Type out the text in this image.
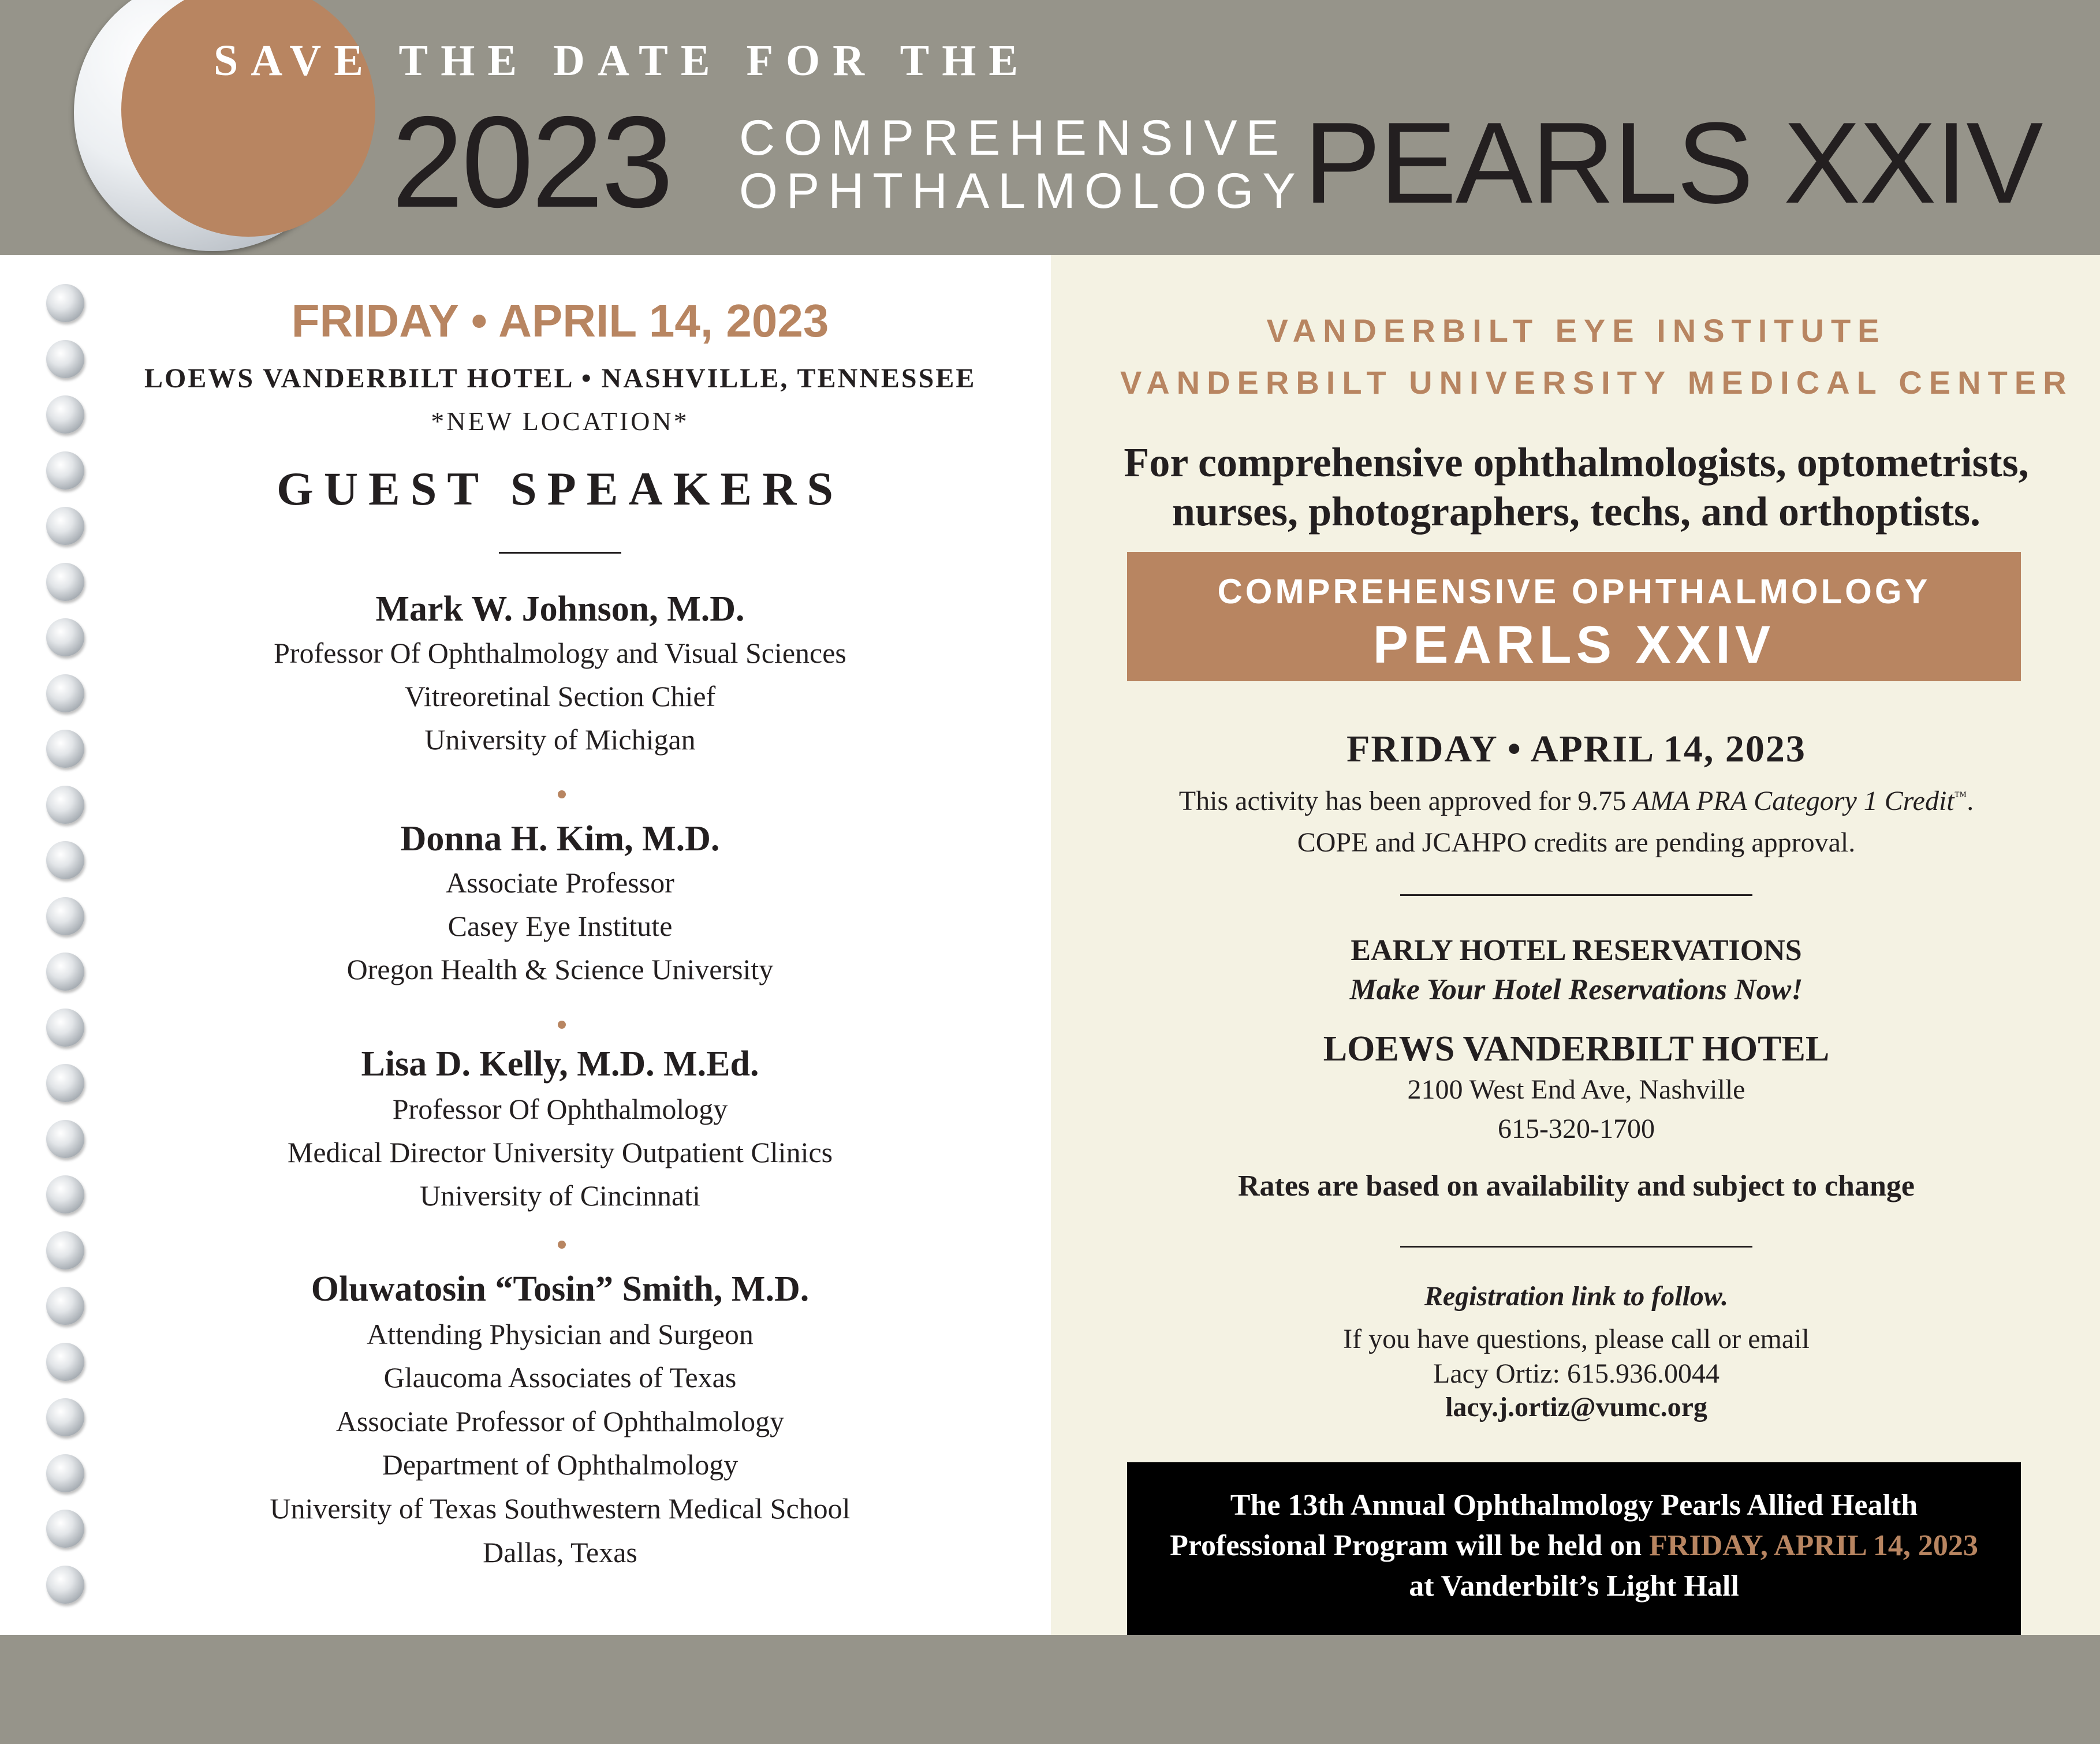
SAVE THE DATE FOR THE
2023 COMPREHENSIVE
OPHTHALMOLOGY PEARLS XXIV
FRIDAY • APRIL 14, 2023
LOEWS VANDERBILT HOTEL • NASHVILLE, TENNESSEE
*NEW LOCATION*
GUEST SPEAKERS
Mark W. Johnson, M.D.
Professor Of Ophthalmology and Visual Sciences
Vitreoretinal Section Chief
University of Michigan
Donna H. Kim, M.D.
Associate Professor
Casey Eye Institute
Oregon Health & Science University
Lisa D. Kelly, M.D. M.Ed.
Professor Of Ophthalmology
Medical Director University Outpatient Clinics
University of Cincinnati
Oluwatosin “Tosin” Smith, M.D.
Attending Physician and Surgeon
Glaucoma Associates of Texas
Associate Professor of Ophthalmology
Department of Ophthalmology
University of Texas Southwestern Medical School
Dallas, Texas
VANDERBILT EYE INSTITUTE
VANDERBILT UNIVERSITY MEDICAL CENTER
For comprehensive ophthalmologists, optometrists,
nurses, photographers, techs, and orthoptists.
COMPREHENSIVE OPHTHALMOLOGY
PEARLS XXIV
FRIDAY • APRIL 14, 2023
This activity has been approved for 9.75 AMA PRA Category 1 Credit™.
COPE and JCAHPO credits are pending approval.
EARLY HOTEL RESERVATIONS
Make Your Hotel Reservations Now!
LOEWS VANDERBILT HOTEL
2100 West End Ave, Nashville
615-320-1700
Rates are based on availability and subject to change
Registration link to follow.
If you have questions, please call or email
Lacy Ortiz: 615.936.0044
lacy.j.ortiz@vumc.org
The 13th Annual Ophthalmology Pearls Allied Health
Professional Program will be held on FRIDAY, APRIL 14, 2023
at Vanderbilt’s Light Hall
